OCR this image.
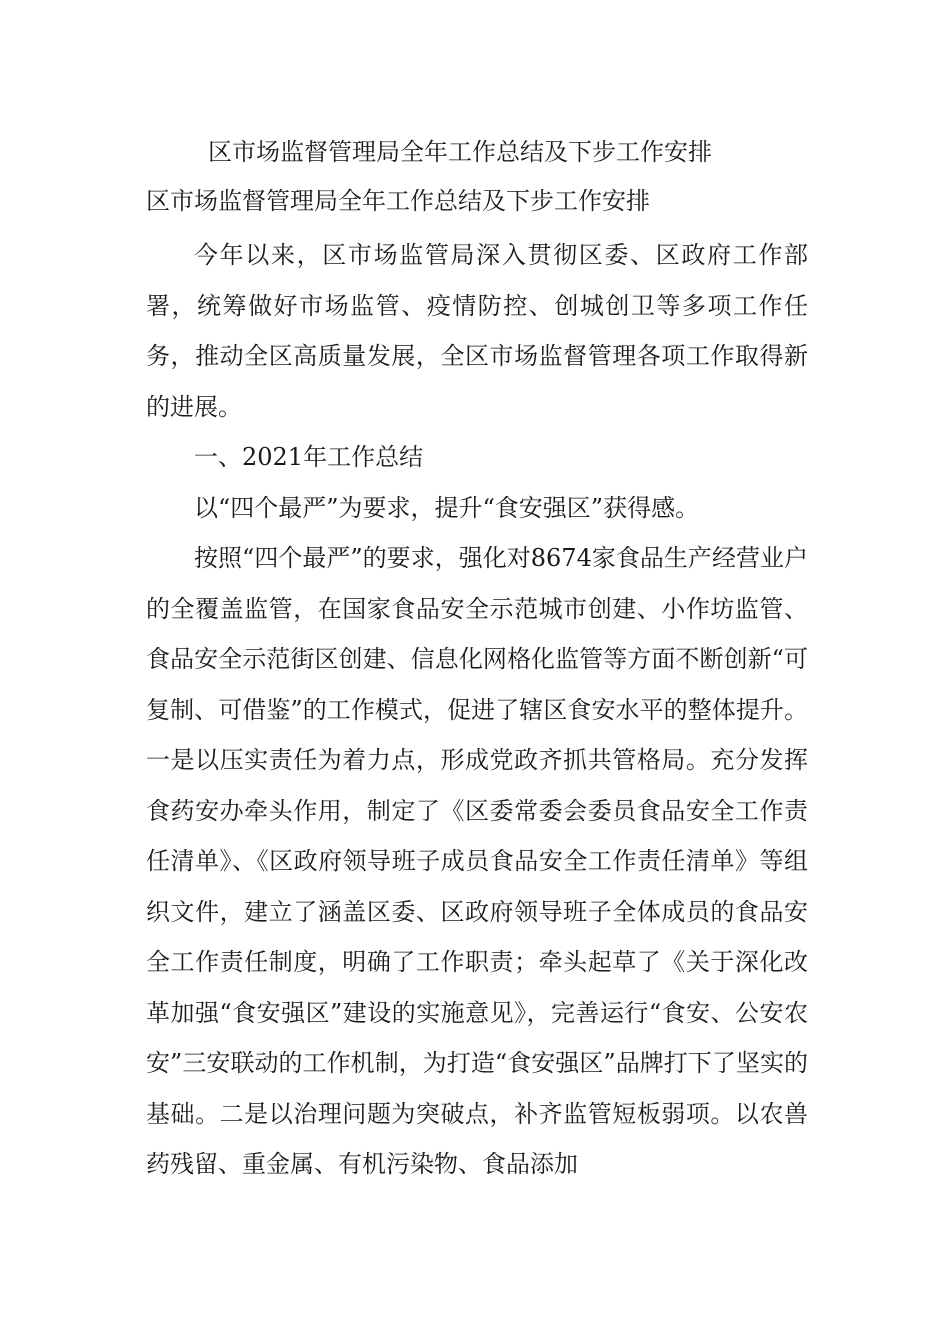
区市场监督管理局全年工作总结及下步工作安排
区市场监督管理局全年工作总结及下步工作安排

今年以来，区市场监管局深入贯彻区委、区政府工作部署，统筹做好市场监管、疫情防控、创城创卫等多项工作任务，推动全区高质量发展，全区市场监督管理各项工作取得新的进展。

一、2021年工作总结

以“四个最严”为要求，提升“食安强区”获得感。

按照“四个最严”的要求，强化对8674家食品生产经营业户的全覆盖监管，在国家食品安全示范城市创建、小作坊监管、食品安全示范街区创建、信息化网格化监管等方面不断创新“可复制、可借鉴”的工作模式，促进了辖区食安水平的整体提升。一是以压实责任为着力点，形成党政齐抓共管格局。充分发挥食药安办牵头作用，制定了《区委常委会委员食品安全工作责任清单》、《区政府领导班子成员食品安全工作责任清单》等组织文件，建立了涵盖区委、区政府领导班子全体成员的食品安全工作责任制度，明确了工作职责；牵头起草了《关于深化改革加强“食安强区”建设的实施意见》，完善运行“食安、公安农安”三安联动的工作机制，为打造“食安强区”品牌打下了坚实的基础。二是以治理问题为突破点，补齐监管短板弱项。以农兽药残留、重金属、有机污染物、食品添加
